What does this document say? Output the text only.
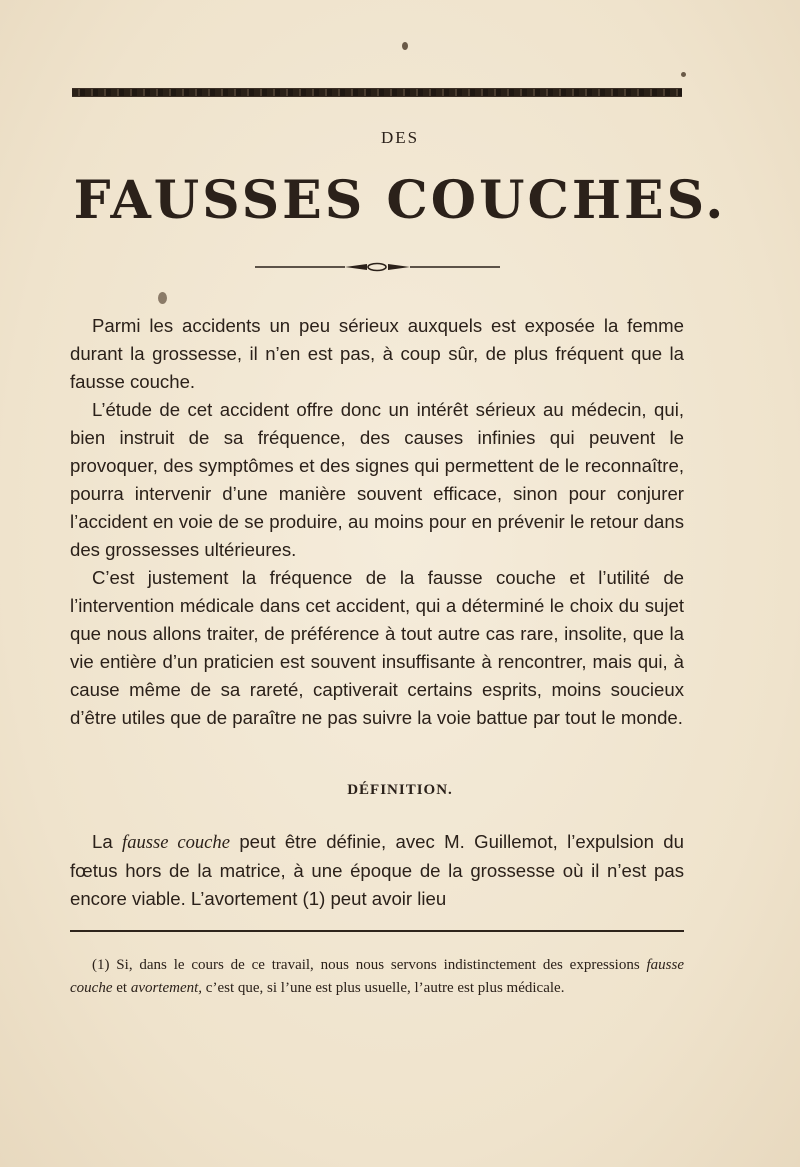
DES
FAUSSES COUCHES.

Parmi les accidents un peu sérieux auxquels est exposée la femme durant la grossesse, il n’en est pas, à coup sûr, de plus fréquent que la fausse couche.

L’étude de cet accident offre donc un intérêt sérieux au médecin, qui, bien instruit de sa fréquence, des causes infinies qui peuvent le provoquer, des symptômes et des signes qui permettent de le reconnaître, pourra intervenir d’une manière souvent efficace, sinon pour conjurer l’accident en voie de se produire, au moins pour en prévenir le retour dans des grossesses ultérieures.

C’est justement la fréquence de la fausse couche et l’utilité de l’intervention médicale dans cet accident, qui a déterminé le choix du sujet que nous allons traiter, de préférence à tout autre cas rare, insolite, que la vie entière d’un praticien est souvent insuffisante à rencontrer, mais qui, à cause même de sa rareté, captiverait certains esprits, moins soucieux d’être utiles que de paraître ne pas suivre la voie battue par tout le monde.

DÉFINITION.

La fausse couche peut être définie, avec M. Guillemot, l’expulsion du fœtus hors de la matrice, à une époque de la grossesse où il n’est pas encore viable. L’avortement (1) peut avoir lieu

(1) Si, dans le cours de ce travail, nous nous servons indistinctement des expressions fausse couche et avortement, c’est que, si l’une est plus usuelle, l’autre est plus médicale.
